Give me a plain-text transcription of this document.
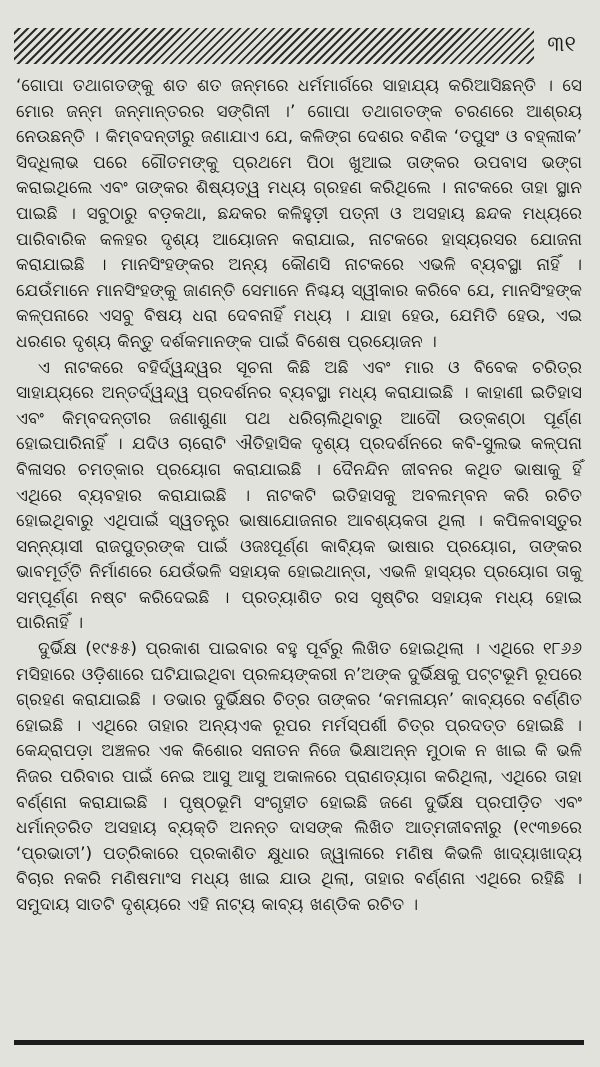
୩୧

‘ଗୋପା ତଥାଗତଙ୍କୁ ଶତ ଶତ ଜନ୍ମରେ ଧର୍ମମାର୍ଗରେ ସାହାଯ୍ୟ କରିଆସିଛନ୍ତି । ସେ ମୋର ଜନ୍ମ ଜନ୍ମାନ୍ତରର ସଙ୍ଗିନୀ ।’ ଗୋପା ତଥାଗତଙ୍କ ଚରଣରେ ଆଶ୍ରୟ ନେଉଛନ୍ତି । କିମ୍ବଦନ୍ତୀରୁ ଜଣାଯାଏ ଯେ, କଳିଙ୍ଗ ଦେଶର ବଣିକ ‘ତପୁସଂ ଓ ବହ୍ଲୀକ’ ସିଦ୍ଧିଲାଭ ପରେ ଗୌତମଙ୍କୁ ପ୍ରଥମେ ପିଠା ଖୁଆଇ ତାଙ୍କର ଉପବାସ ଭଙ୍ଗ କରାଇଥିଲେ ଏବଂ ତାଙ୍କର ଶିଷ୍ୟତ୍ୱ ମଧ୍ୟ ଗ୍ରହଣ କରିଥିଲେ । ନାଟକରେ ତାହା ସ୍ଥାନ ପାଇଛି । ସବୁଠାରୁ ବଡ଼କଥା, ଛନ୍ଦକର କଳିହୁଡ଼ୀ ପତ୍ନୀ ଓ ଅସହାୟ ଛନ୍ଦକ ମଧ୍ୟରେ ପାରିବାରିକ କଳହର ଦୃଶ୍ୟ ଆୟୋଜନ କରାଯାଇ, ନାଟକରେ ହାସ୍ୟରସର ଯୋଜନା କରାଯାଇଛି । ମାନସିଂହଙ୍କର ଅନ୍ୟ କୌଣସି ନାଟକରେ ଏଭଳି ବ୍ୟବସ୍ଥା ନାହିଁ । ଯେଉଁମାନେ ମାନସିଂହଙ୍କୁ ଜାଣନ୍ତି ସେମାନେ ନିଶ୍ଚୟ ସ୍ୱୀକାର କରିବେ ଯେ, ମାନସିଂହଙ୍କ କଳ୍ପନାରେ ଏସବୁ ବିଷୟ ଧରା ଦେବନାହିଁ ମଧ୍ୟ । ଯାହା ହେଉ, ଯେମିତି ହେଉ, ଏଇ ଧରଣର ଦୃଶ୍ୟ କିନ୍ତୁ ଦର୍ଶକମାନଙ୍କ ପାଇଁ ବିଶେଷ ପ୍ରୟୋଜନ ।

ଏ ନାଟକରେ ବହିର୍ଦ୍ୱନ୍ଦ୍ୱର ସୂଚନା କିଛି ଅଛି ଏବଂ ମାର ଓ ବିବେକ ଚରିତ୍ର ସାହାଯ୍ୟରେ ଅନ୍ତର୍ଦ୍ୱନ୍ଦ୍ୱ ପ୍ରଦର୍ଶନର ବ୍ୟବସ୍ଥା ମଧ୍ୟ କରାଯାଇଛି । କାହାଣୀ ଇତିହାସ ଏବଂ କିମ୍ବଦନ୍ତୀର ଜଣାଶୁଣା ପଥ ଧରିଚାଲିଥିବାରୁ ଆଦୌ ଉତ୍କଣ୍ଠା ପୂର୍ଣ୍ଣ ହୋଇପାରିନାହିଁ । ଯଦିଓ ଚାରୋଟି ଐତିହାସିକ ଦୃଶ୍ୟ ପ୍ରଦର୍ଶନରେ କବି-ସୁଲଭ କଳ୍ପନା ବିଳାସର ଚମତ୍କାର ପ୍ରୟୋଗ କରାଯାଇଛି । ଦୈନନ୍ଦିନ ଜୀବନର କଥିତ ଭାଷାକୁ ହିଁ ଏଥିରେ ବ୍ୟବହାର କରାଯାଇଛି । ନାଟକଟି ଇତିହାସକୁ ଅବଲମ୍ବନ କରି ରଚିତ ହୋଇଥିବାରୁ ଏଥିପାଇଁ ସ୍ୱତନ୍ତ୍ର ଭାଷାଯୋଜନାର ଆବଶ୍ୟକତା ଥିଲା । କପିଳବାସ୍ତୁର ସନ୍ନ୍ୟାସୀ ରାଜପୁତ୍ରଙ୍କ ପାଇଁ ଓଜଃପୂର୍ଣ୍ଣ କାବ୍ୟିକ ଭାଷାର ପ୍ରୟୋଗ, ତାଙ୍କର ଭାବମୂର୍ତ୍ତି ନିର୍ମାଣରେ ଯେଉଁଭଳି ସହାୟକ ହୋଇଥାନ୍ତା, ଏଭଳି ହାସ୍ୟର ପ୍ରୟୋଗ ତାକୁ ସମ୍ପୂର୍ଣ୍ଣ ନଷ୍ଟ କରିଦେଇଛି । ପ୍ରତ୍ୟାଶିତ ରସ ସୃଷ୍ଟିର ସହାୟକ ମଧ୍ୟ ହୋଇ ପାରିନାହିଁ ।

ଦୁର୍ଭିକ୍ଷ (୧୯୫୫) ପ୍ରକାଶ ପାଇବାର ବହୁ ପୂର୍ବରୁ ଲିଖିତ ହୋଇଥିଲା । ଏଥିରେ ୧୮୬୬ ମସିହାରେ ଓଡ଼ିଶାରେ ଘଟିଯାଇଥିବା ପ୍ରଳୟଙ୍କରୀ ନ’ଅଙ୍କ ଦୁର୍ଭିକ୍ଷକୁ ପଟ୍ଟଭୂମି ରୂପରେ ଗ୍ରହଣ କରାଯାଇଛି । ଡଭାର ଦୁର୍ଭିକ୍ଷର ଚିତ୍ର ତାଙ୍କର ‘କମଳାୟନ’ କାବ୍ୟରେ ବର୍ଣ୍ଣିତ ହୋଇଛି । ଏଥିରେ ତାହାର ଅନ୍ୟଏକ ରୂପର ମର୍ମସ୍ପର୍ଶୀ ଚିତ୍ର ପ୍ରଦତ୍ତ ହୋଇଛି । କେନ୍ଦ୍ରାପଡ଼ା ଅଞ୍ଚଳର ଏକ କିଶୋର ସନାତନ ନିଜେ ଭିକ୍ଷାଅନ୍ନ ମୁଠାକ ନ ଖାଇ କି ଭଳି ନିଜର ପରିବାର ପାଇଁ ନେଇ ଆସୁ ଆସୁ ଅକାଳରେ ପ୍ରାଣତ୍ୟାଗ କରିଥିଲା, ଏଥିରେ ତାହା ବର୍ଣ୍ଣନା କରାଯାଇଛି । ପୃଷ୍ଠଭୂମି ସଂଗୃହୀତ ହୋଇଛି ଜଣେ ଦୁର୍ଭିକ୍ଷ ପ୍ରପୀଡ଼ିତ ଏବଂ ଧର୍ମାନ୍ତରିତ ଅସହାୟ ବ୍ୟକ୍ତି ଅନନ୍ତ ଦାସଙ୍କ ଲିଖିତ ଆତ୍ମଜୀବନୀରୁ (୧୯୩୭ରେ ‘ପ୍ରଭାତୀ’) ପତ୍ରିକାରେ ପ୍ରକାଶିତ କ୍ଷୁଧାର ଜ୍ୱାଳାରେ ମଣିଷ କିଭଳି ଖାଦ୍ୟାଖାଦ୍ୟ ବିଚାର ନକରି ମଣିଷମାଂସ ମଧ୍ୟ ଖାଇ ଯାଉ ଥିଲା, ତାହାର ବର୍ଣ୍ଣନା ଏଥିରେ ରହିଛି । ସମୁଦାୟ ସାତଟି ଦୃଶ୍ୟରେ ଏହି ନାଟ୍ୟ କାବ୍ୟ ଖଣ୍ଡିକ ରଚିତ ।
